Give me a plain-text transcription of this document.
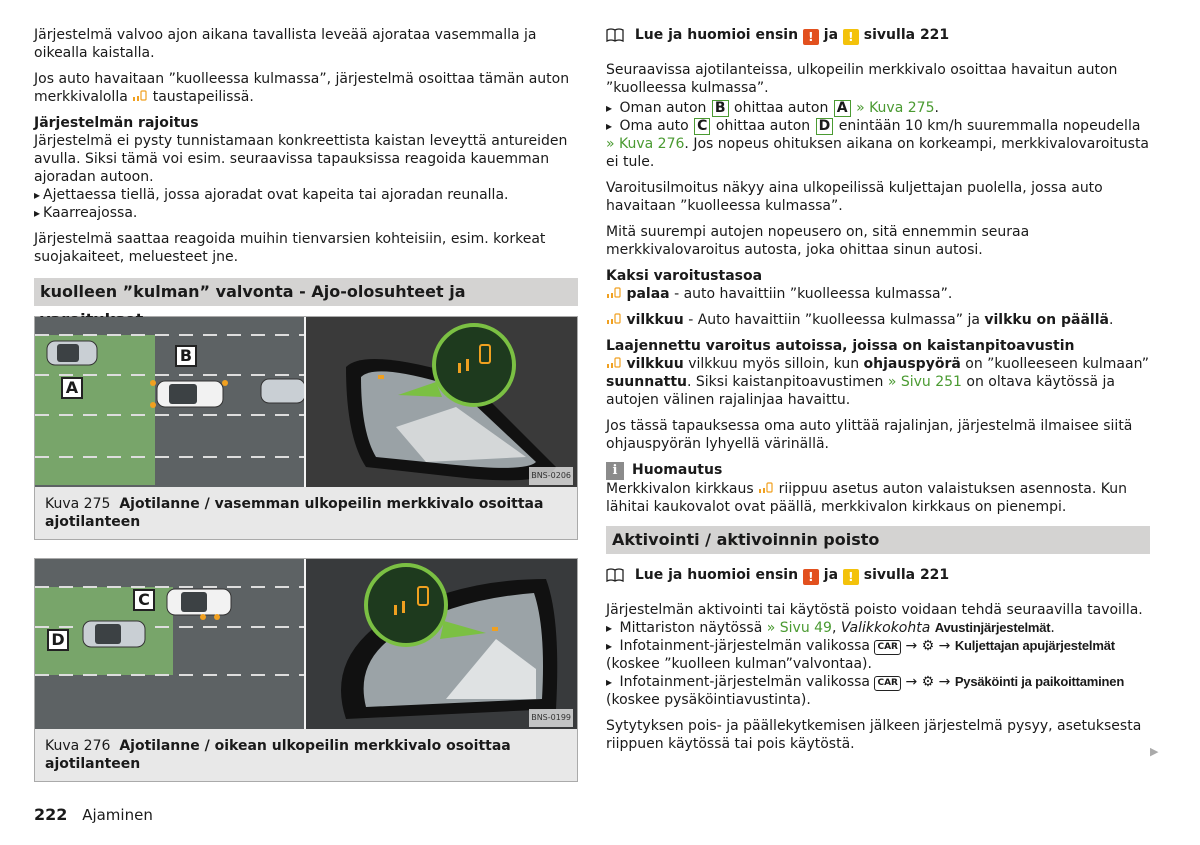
Järjestelmä valvoo ajon aikana tavallista leveää ajorataa vasemmalla ja oikealla kaistalla.

Jos auto havaitaan ”kuolleessa kulmassa”, järjestelmä osoittaa tämän auton merkkivalolla taustapeilissä.

Järjestelmän rajoitus

Järjestelmä ei pysty tunnistamaan konkreettista kaistan leveyttä antureiden avulla. Siksi tämä voi esim. seuraavissa tapauksissa reagoida kauemman ajoradan autoon.

▸ Ajettaessa tiellä, jossa ajoradat ovat kapeita tai ajoradan reunalla.

▸ Kaarreajossa.

Järjestelmä saattaa reagoida muihin tienvarsien kohteisiin, esim. korkeat suojakaiteet, meluesteet jne.

kuolleen ”kulman” valvonta - Ajo-olosuhteet ja
A
B
BNS-0206
Kuva 275 Ajotilanne / vasemman ulkopeilin merkkivalo osoittaa ajotilanteen
C
D
BNS-0199
Kuva 276 Ajotilanne / oikean ulkopeilin merkkivalo osoittaa ajotilanteen
Lue ja huomioi ensin ! ja ! sivulla 221

Seuraavissa ajotilanteissa, ulkopeilin merkkivalo osoittaa havaitun auton ”kuolleessa kulmassa”.

▸ Oman auton B ohittaa auton A » Kuva 275.

▸ Oma auto C ohittaa auton D enintään 10 km/h suuremmalla nopeudella » Kuva 276. Jos nopeus ohituksen aikana on korkeampi, merkkivalovaroitusta ei tule.

Varoitusilmoitus näkyy aina ulkopeilissä kuljettajan puolella, jossa auto havaitaan ”kuolleessa kulmassa”.

Mitä suurempi autojen nopeusero on, sitä ennemmin seuraa merkkivalovaroitus autosta, joka ohittaa sinun autosi.

Kaksi varoitustasoa

palaa - auto havaittiin ”kuolleessa kulmassa”.

vilkkuu - Auto havaittiin ”kuolleessa kulmassa” ja vilkku on päällä.

Laajennettu varoitus autoissa, joissa on kaistanpitoavustin

vilkkuu vilkkuu myös silloin, kun ohjauspyörä on ”kuolleeseen kulmaan” suunnattu. Siksi kaistanpitoavustimen » Sivu 251 on oltava käytössä ja autojen välinen rajalinjaa havaittu.

Jos tässä tapauksessa oma auto ylittää rajalinjan, järjestelmä ilmaisee siitä ohjauspyörän lyhyellä värinällä.

i Huomautus

Merkkivalon kirkkaus riippuu asetus auton valaistuksen asennosta. Kun lähitai kaukovalot ovat päällä, merkkivalon kirkkaus on pienempi.

Aktivointi / aktivoinnin poisto
Lue ja huomioi ensin ! ja ! sivulla 221

Järjestelmän aktivointi tai käytöstä poisto voidaan tehdä seuraavilla tavoilla.

▸ Mittariston näytössä » Sivu 49, Valikkokohta Avustinjärjestelmät.

▸ Infotainment-järjestelmän valikossa CAR → ⚙ → Kuljettajan apujärjestelmät (koskee ”kuolleen kulman”valvontaa).

▸ Infotainment-järjestelmän valikossa CAR → ⚙ → Pysäköinti ja paikoittaminen (koskee pysäköintiavustinta).

Sytytyksen pois- ja päällekytkemisen jälkeen järjestelmä pysyy, asetuksesta riippuen käytössä tai pois käytöstä.	▶
222 Ajaminen
